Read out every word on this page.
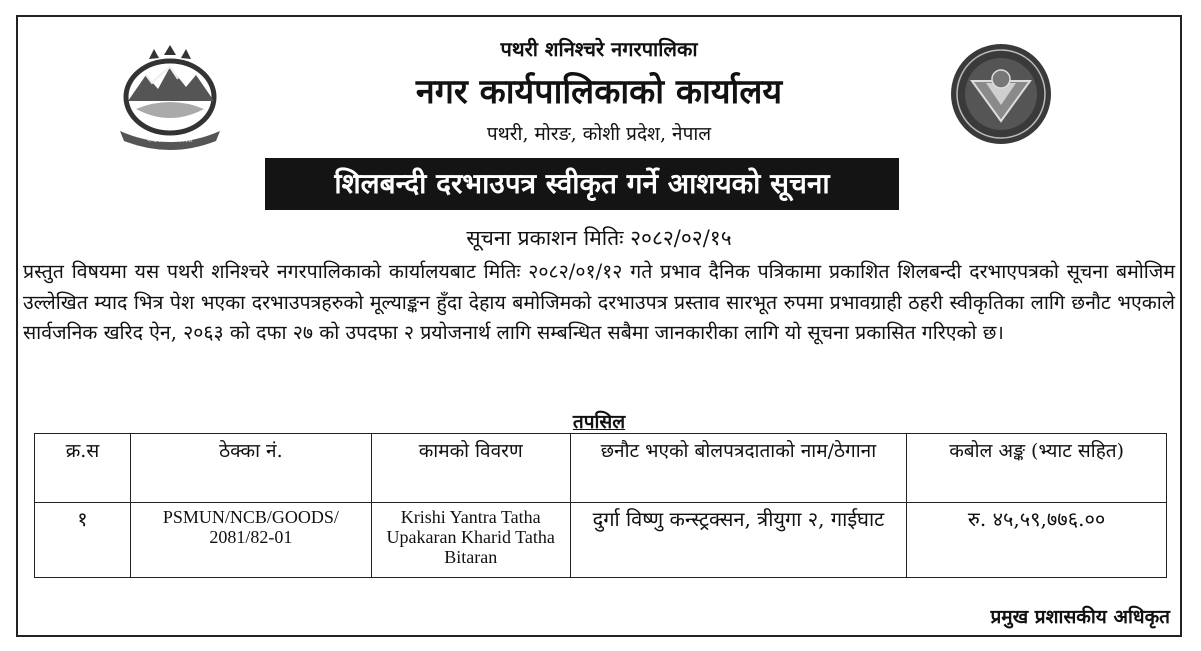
गण्डकी प्रदेश सरकार
पथरी शनिश्चरे नगरपालिका
नगर कार्यपालिकाको कार्यालय
पथरी, मोरङ, कोशी प्रदेश, नेपाल
शिलबन्दी दरभाउपत्र स्वीकृत गर्ने आशयको सूचना
सूचना प्रकाशन मितिः २०८२/०२/१५
प्रस्तुत विषयमा यस पथरी शनिश्चरे नगरपालिकाको कार्यालयबाट मितिः २०८२/०१/१२ गते प्रभाव दैनिक पत्रिकामा प्रकाशित शिलबन्दी दरभाएपत्रको सूचना बमोजिम उल्लेखित म्याद भित्र पेश भएका दरभाउपत्रहरुको मूल्याङ्कन हुँदा देहाय बमोजिमको दरभाउपत्र प्रस्ताव सारभूत रुपमा प्रभावग्राही ठहरी स्वीकृतिका लागि छनौट भएकाले सार्वजनिक खरिद ऐन, २०६३ को दफा २७ को उपदफा २ प्रयोजनार्थ लागि सम्बन्धित सबैमा जानकारीका लागि यो सूचना प्रकासित गरिएको छ।
तपसिल
क्र.स	ठेक्का नं.	कामको विवरण	छनौट भएको बोलपत्रदाताको नाम/ठेगाना	कबोल अङ्क (भ्याट सहित)
१	PSMUN/NCB/GOODS/ 2081/82-01	Krishi Yantra Tatha Upakaran Kharid Tatha Bitaran	दुर्गा विष्णु कन्स्ट्रक्सन, त्रीयुगा २, गाईघाट	रु. ४५,५९,७७६.००
प्रमुख प्रशासकीय अधिकृत
